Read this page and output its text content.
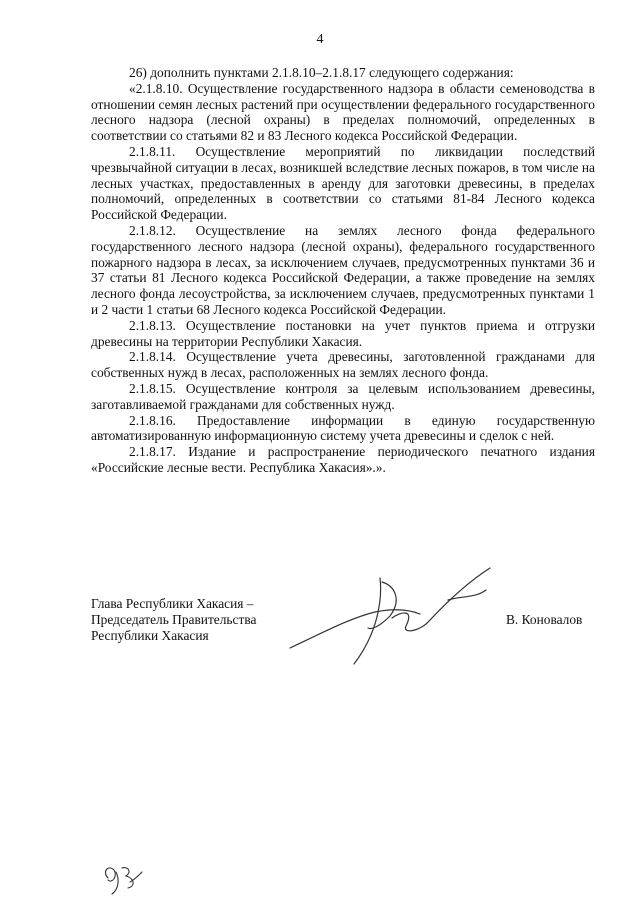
4

26) дополнить пунктами 2.1.8.10–2.1.8.17 следующего содержания:

«2.1.8.10. Осуществление государственного надзора в области семеноводства в отношении семян лесных растений при осуществлении федерального государственного лесного надзора (лесной охраны) в пределах полномочий, определенных в соответствии со статьями 82 и 83 Лесного кодекса Российской Федерации.

2.1.8.11. Осуществление мероприятий по ликвидации последствий чрезвычайной ситуации в лесах, возникшей вследствие лесных пожаров, в том числе на лесных участках, предоставленных в аренду для заготовки древесины, в пределах полномочий, определенных в соответствии со статьями 81-84 Лесного кодекса Российской Федерации.

2.1.8.12. Осуществление на землях лесного фонда федерального государственного лесного надзора (лесной охраны), федерального государственного пожарного надзора в лесах, за исключением случаев, предусмотренных пунктами 36 и 37 статьи 81 Лесного кодекса Российской Федерации, а также проведение на землях лесного фонда лесоустройства, за исключением случаев, предусмотренных пунктами 1 и 2 части 1 статьи 68 Лесного кодекса Российской Федерации.

2.1.8.13. Осуществление постановки на учет пунктов приема и отгрузки древесины на территории Республики Хакасия.

2.1.8.14. Осуществление учета древесины, заготовленной гражданами для собственных нужд в лесах, расположенных на землях лесного фонда.

2.1.8.15. Осуществление контроля за целевым использованием древесины, заготавливаемой гражданами для собственных нужд.

2.1.8.16. Предоставление информации в единую государственную автоматизированную информационную систему учета древесины и сделок с ней.

2.1.8.17. Издание и распространение периодического печатного издания «Российские лесные вести. Республика Хакасия».».

Глава Республики Хакасия –
Председатель Правительства
Республики Хакасия
В. Коновалов
